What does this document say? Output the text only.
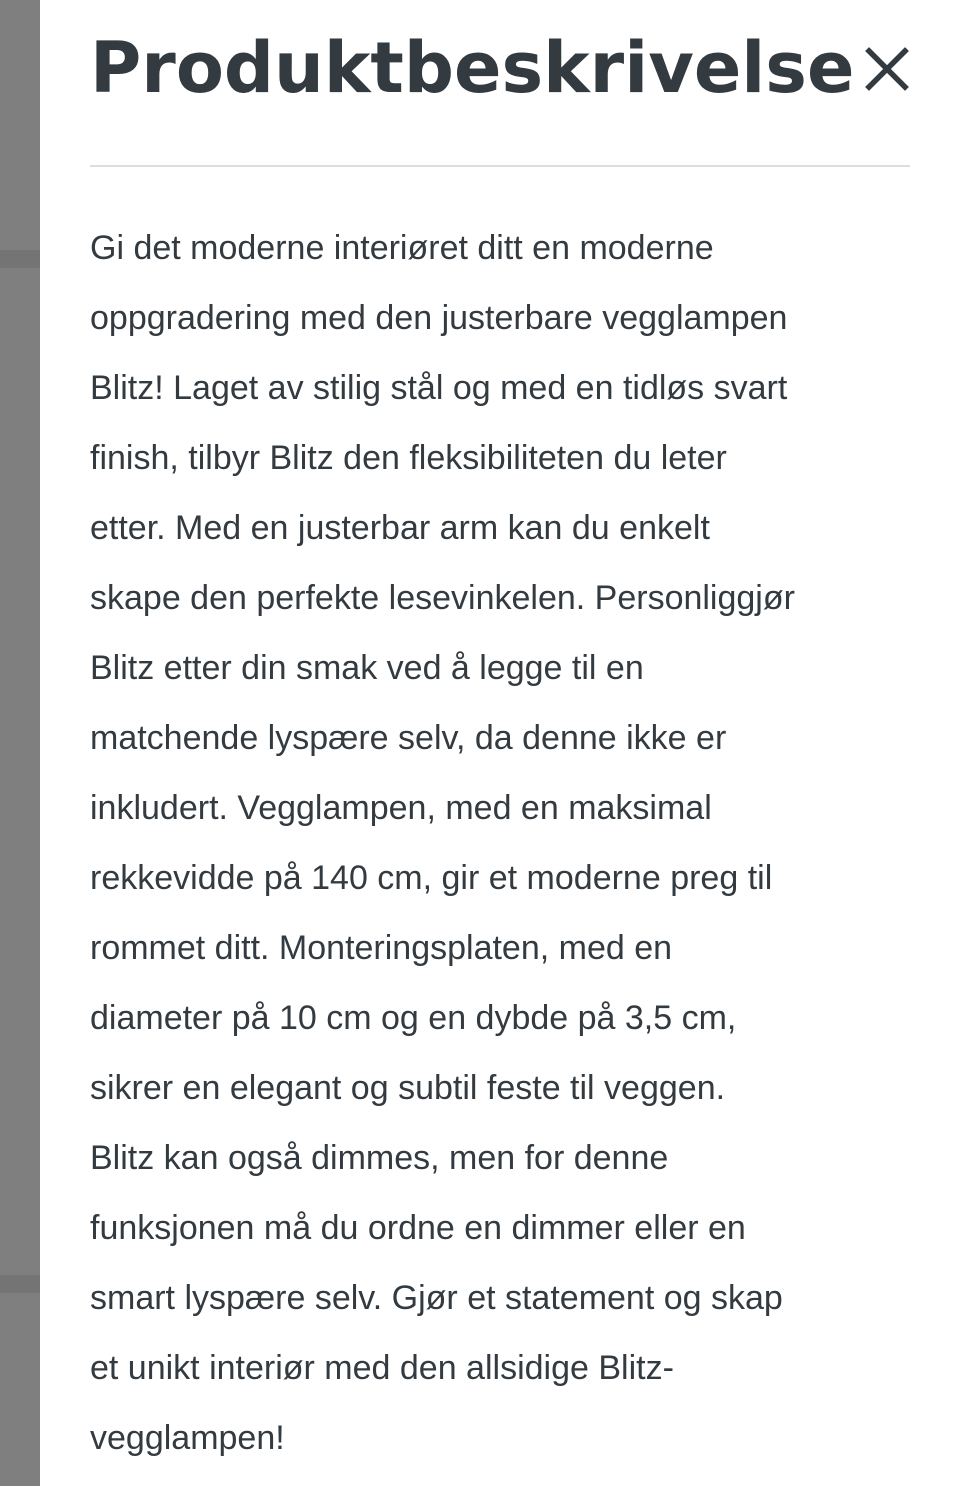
Produktbeskrivelse

Gi det moderne interiøret ditt en moderne
oppgradering med den justerbare vegglampen
Blitz! Laget av stilig stål og med en tidløs svart
finish, tilbyr Blitz den fleksibiliteten du leter
etter. Med en justerbar arm kan du enkelt
skape den perfekte lesevinkelen. Personliggjør
Blitz etter din smak ved å legge til en
matchende lyspære selv, da denne ikke er
inkludert. Vegglampen, med en maksimal
rekkevidde på 140 cm, gir et moderne preg til
rommet ditt. Monteringsplaten, med en
diameter på 10 cm og en dybde på 3,5 cm,
sikrer en elegant og subtil feste til veggen.
Blitz kan også dimmes, men for denne
funksjonen må du ordne en dimmer eller en
smart lyspære selv. Gjør et statement og skap
et unikt interiør med den allsidige Blitz-
vegglampen!
